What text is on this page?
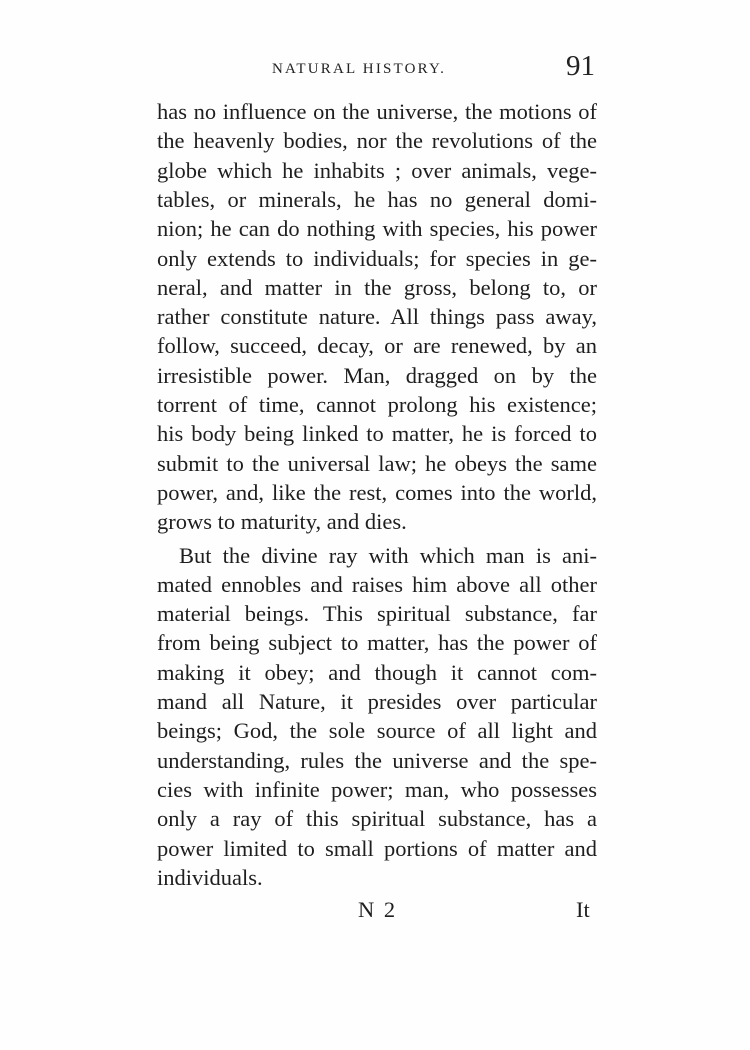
NATURAL HISTORY.	91
has no influence on the universe, the motions of
the heavenly bodies, nor the revolutions of the
globe which he inhabits ; over animals, vege-
tables, or minerals, he has no general domi-
nion; he can do nothing with species, his power
only extends to individuals; for species in ge-
neral, and matter in the gross, belong to, or
rather constitute nature. All things pass away,
follow, succeed, decay, or are renewed, by an
irresistible power. Man, dragged on by the
torrent of time, cannot prolong his existence;
his body being linked to matter, he is forced to
submit to the universal law; he obeys the same
power, and, like the rest, comes into the world,
grows to maturity, and dies.
But the divine ray with which man is ani-
mated ennobles and raises him above all other
material beings. This spiritual substance, far
from being subject to matter, has the power of
making it obey; and though it cannot com-
mand all Nature, it presides over particular
beings; God, the sole source of all light and
understanding, rules the universe and the spe-
cies with infinite power; man, who possesses
only a ray of this spiritual substance, has a
power limited to small portions of matter and
individuals.
N 2	It
